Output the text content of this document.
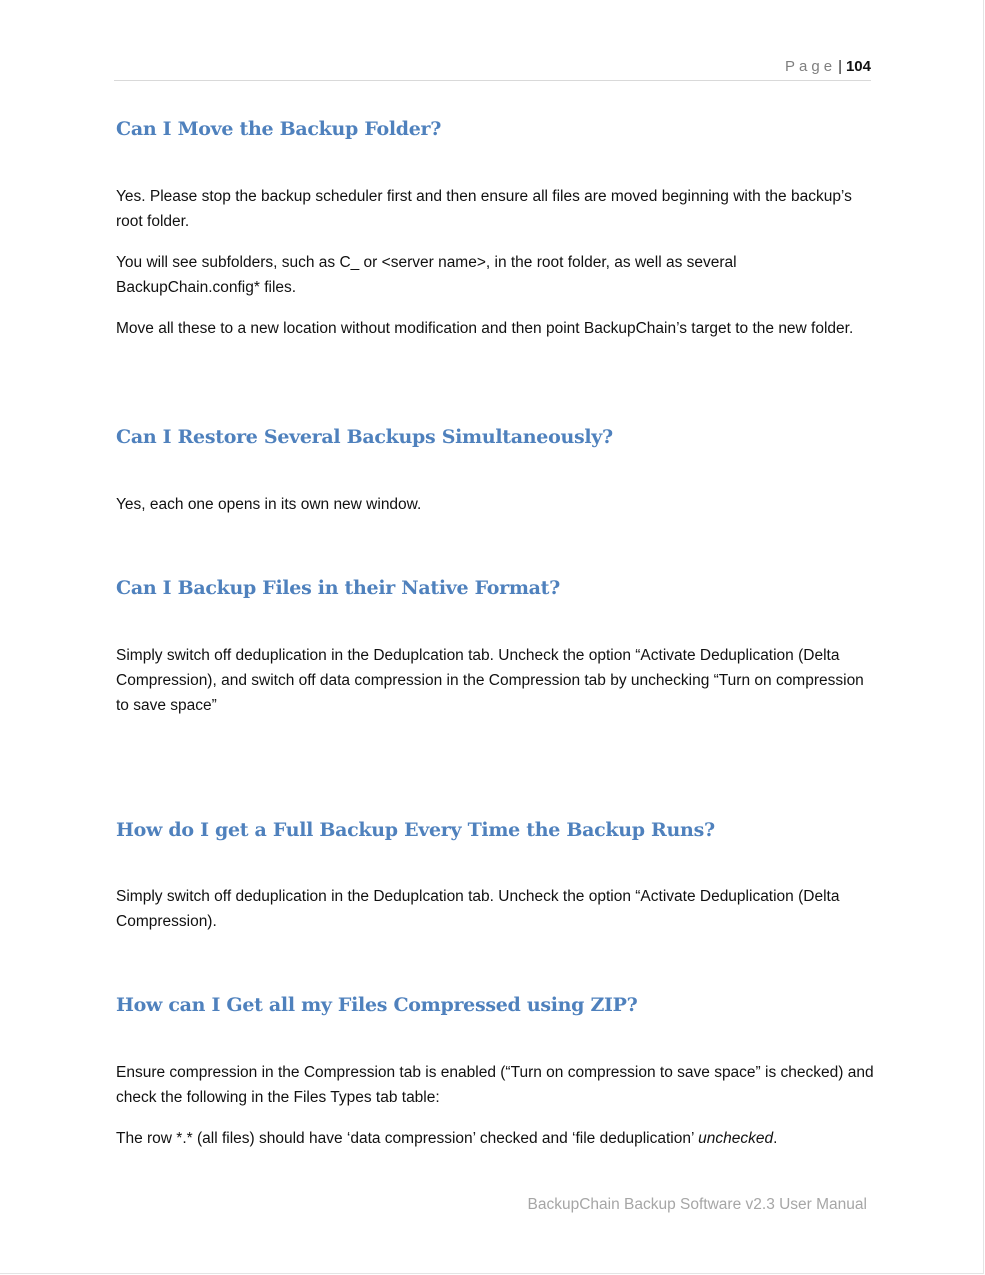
Page | 104
Can I Move the Backup Folder?

Yes. Please stop the backup scheduler first and then ensure all files are moved beginning with the backup’s root folder.

You will see subfolders, such as C_ or <server name>, in the root folder, as well as several BackupChain.config* files.

Move all these to a new location without modification and then point BackupChain’s target to the new folder.

Can I Restore Several Backups Simultaneously?

Yes, each one opens in its own new window.

Can I Backup Files in their Native Format?

Simply switch off deduplication in the Deduplcation tab. Uncheck the option “Activate Deduplication (Delta Compression), and switch off data compression in the Compression tab by unchecking “Turn on compression to save space”

How do I get a Full Backup Every Time the Backup Runs?

Simply switch off deduplication in the Deduplcation tab. Uncheck the option “Activate Deduplication (Delta Compression).

How can I Get all my Files Compressed using ZIP?

Ensure compression in the Compression tab is enabled (“Turn on compression to save space” is checked) and check the following in the Files Types tab table:

The row *.* (all files) should have ‘data compression’ checked and ‘file deduplication’ unchecked.

BackupChain Backup Software v2.3 User Manual
